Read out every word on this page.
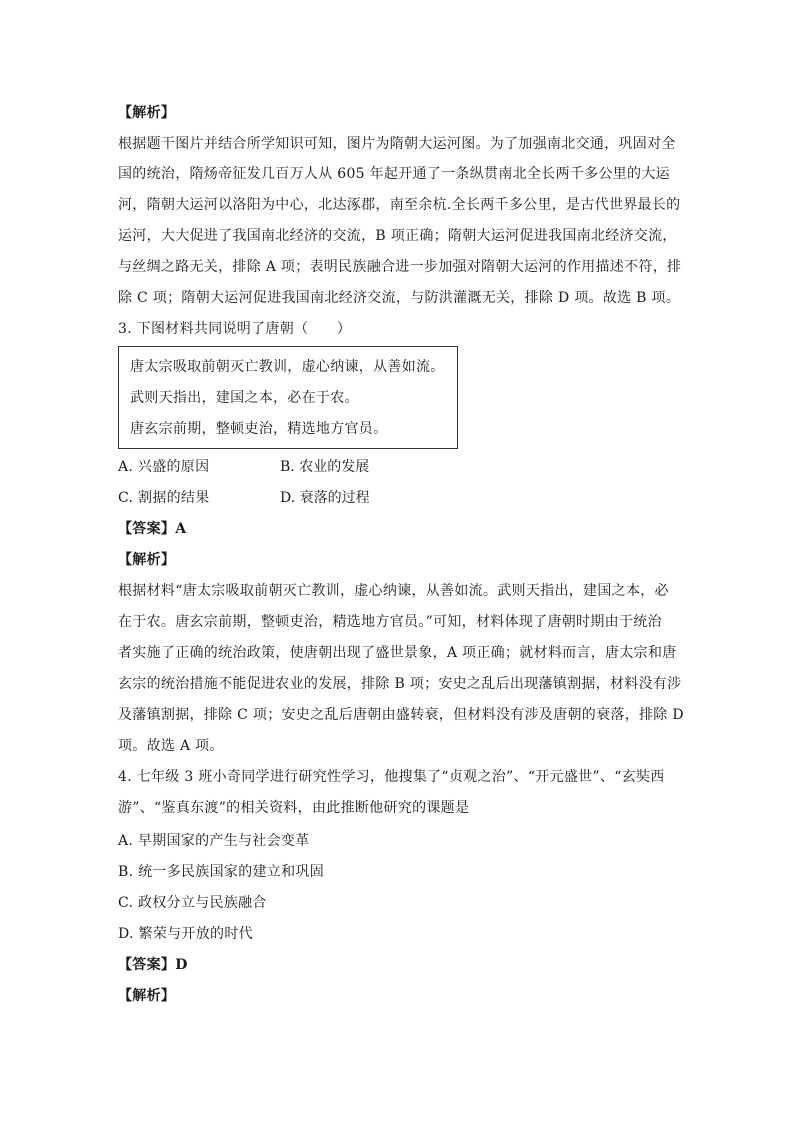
【解析】
根据题干图片并结合所学知识可知，图片为隋朝大运河图。为了加强南北交通，巩固对全
国的统治，隋炀帝征发几百万人从 605 年起开通了一条纵贯南北全长两千多公里的大运
河，隋朝大运河以洛阳为中心，北达涿郡，南至余杭.全长两千多公里，是古代世界最长的
运河，大大促进了我国南北经济的交流，B 项正确；隋朝大运河促进我国南北经济交流，
与丝绸之路无关，排除 A 项；表明民族融合进一步加强对隋朝大运河的作用描述不符，排
除 C 项；隋朝大运河促进我国南北经济交流，与防洪灌溉无关，排除 D 项。故选 B 项。
3. 下图材料共同说明了唐朝（　　）
唐太宗吸取前朝灭亡教训，虚心纳谏，从善如流。
武则天指出，建国之本，必在于农。
唐玄宗前期，整顿吏治，精选地方官员。
A. 兴盛的原因	B. 农业的发展
C. 割据的结果	D. 衰落的过程
【答案】A
【解析】
根据材料“唐太宗吸取前朝灭亡教训，虚心纳谏，从善如流。武则天指出，建国之本，必
在于农。唐玄宗前期，整顿吏治，精选地方官员。”可知，材料体现了唐朝时期由于统治
者实施了正确的统治政策，使唐朝出现了盛世景象，A 项正确；就材料而言，唐太宗和唐
玄宗的统治措施不能促进农业的发展，排除 B 项；安史之乱后出现藩镇割据，材料没有涉
及藩镇割据，排除 C 项；安史之乱后唐朝由盛转衰，但材料没有涉及唐朝的衰落，排除 D
项。故选 A 项。
4. 七年级 3 班小奇同学进行研究性学习，他搜集了“贞观之治”、“开元盛世”、“玄奘西
游”、“鉴真东渡”的相关资料，由此推断他研究的课题是
A. 早期国家的产生与社会变革
B. 统一多民族国家的建立和巩固
C. 政权分立与民族融合
D. 繁荣与开放的时代
【答案】D
【解析】
